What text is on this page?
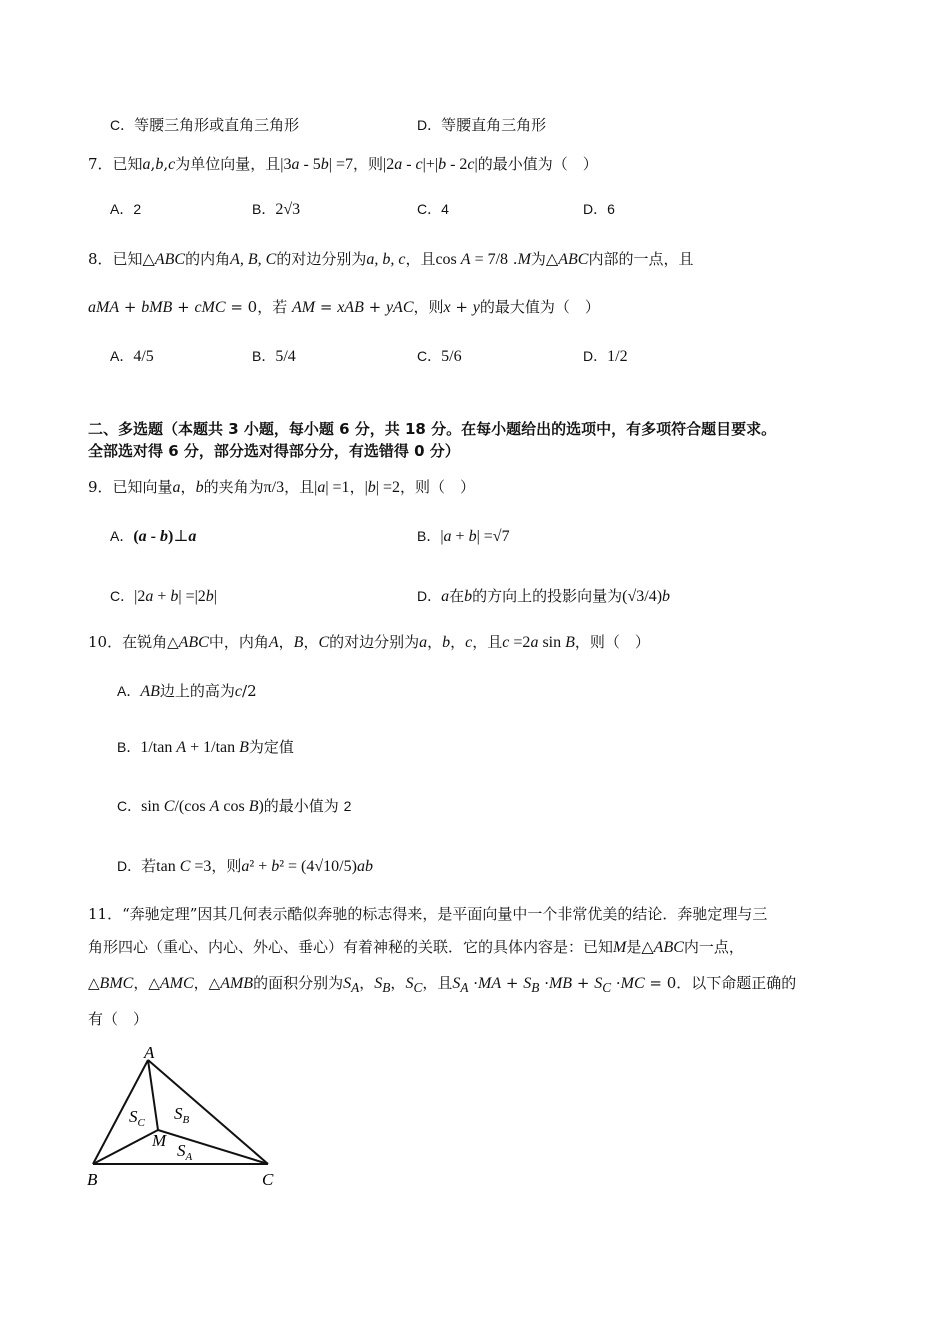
C．等腰三角形或直角三角形	D．等腰直角三角形
7．已知a,b,c为单位向量，且|3a - 5b| =7，则|2a - c|+|b - 2c|的最小值为（　）
A．2	B．2√3	C．4	D．6
8．已知△ABC的内角A, B, C的对边分别为a, b, c，且cos A = 7/8 .M为△ABC内部的一点，且
aMA + bMB + cMC = 0，若 AM = xAB + yAC，则x + y的最大值为（　）
A．4/5	B．5/4	C．5/6	D．1/2
二、多选题（本题共 3 小题，每小题 6 分，共 18 分。在每小题给出的选项中，有多项符合题目要求。
全部选对得 6 分，部分选对得部分分，有选错得 0 分）
9．已知向量a，b的夹角为π/3，且|a| =1，|b| =2，则（　）
A．(a - b)⊥a	B．|a + b| =√7
C．|2a + b| =|2b|	D．a在b的方向上的投影向量为(√3/4)b
10．在锐角△ABC中，内角A，B，C的对边分别为a，b，c，且c =2a sin B，则（　）
A．AB边上的高为c/2
B．1/tan A + 1/tan B为定值
C．sin C/(cos A cos B)的最小值为 2
D．若tan C =3，则a² + b² = (4√10/5)ab
11．“奔驰定理”因其几何表示酷似奔驰的标志得来，是平面向量中一个非常优美的结论．奔驰定理与三
角形四心（重心、内心、外心、垂心）有着神秘的关联．它的具体内容是：已知M是△ABC内一点，
△BMC，△AMC，△AMB的面积分别为$S_A$，$S_B$，$S_C$，且$S_A \cdot MA + S_B \cdot MB + S_C \cdot MC = 0$．以下命题正确的
有（　）
A
B	C
M
$S_C$ $S_B$
$S_A$
